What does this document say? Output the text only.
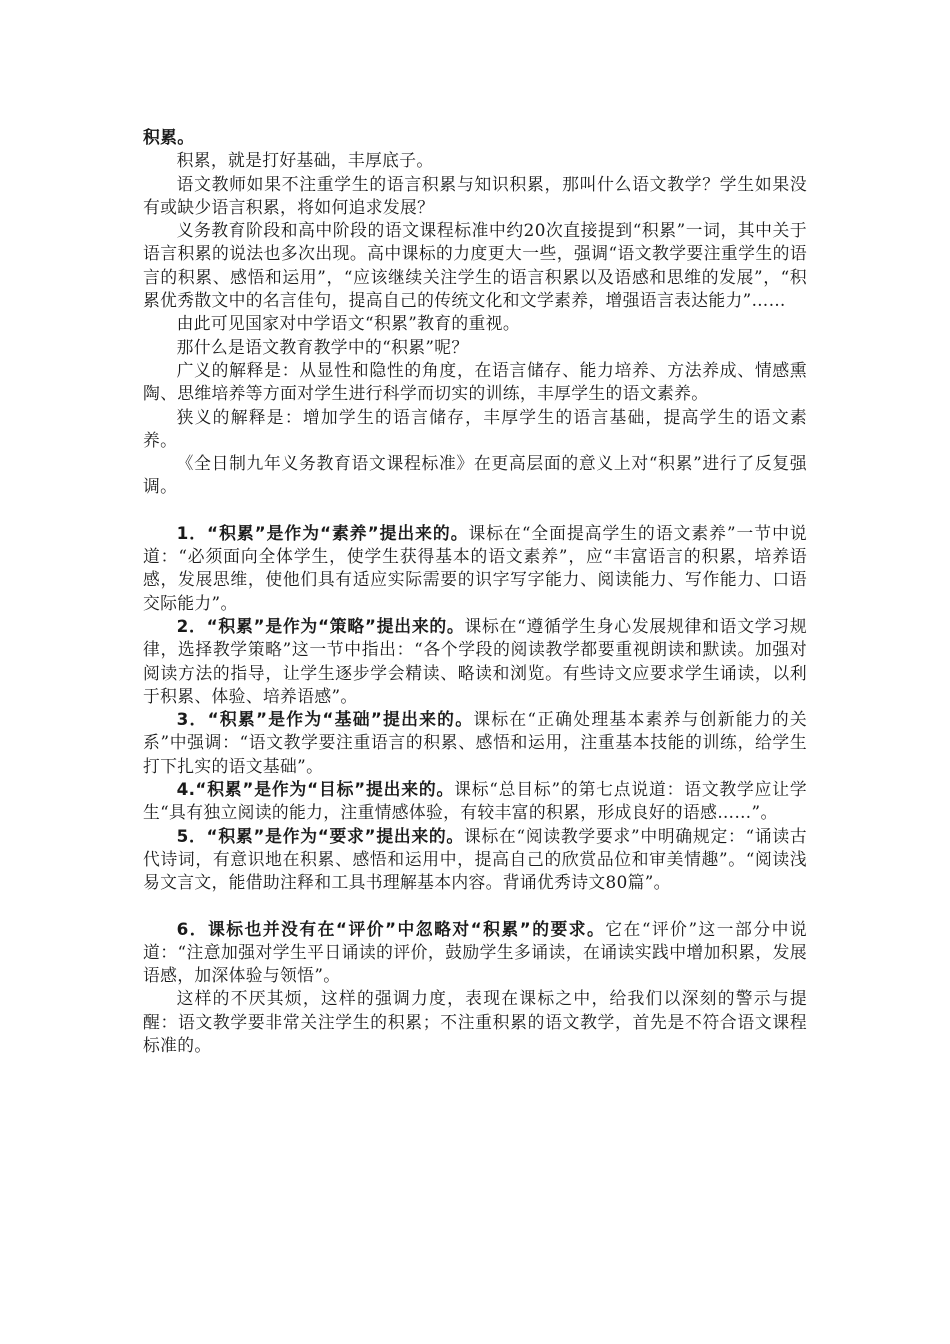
积累。

积累，就是打好基础，丰厚底子。

语文教师如果不注重学生的语言积累与知识积累，那叫什么语文教学？学生如果没有或缺少语言积累，将如何追求发展？

义务教育阶段和高中阶段的语文课程标准中约20次直接提到“积累”一词，其中关于语言积累的说法也多次出现。高中课标的力度更大一些，强调“语文教学要注重学生的语言的积累、感悟和运用”，“应该继续关注学生的语言积累以及语感和思维的发展”，“积累优秀散文中的名言佳句，提高自己的传统文化和文学素养，增强语言表达能力”……

由此可见国家对中学语文“积累”教育的重视。

那什么是语文教育教学中的“积累”呢？

广义的解释是：从显性和隐性的角度，在语言储存、能力培养、方法养成、情感熏陶、思维培养等方面对学生进行科学而切实的训练，丰厚学生的语文素养。

狭义的解释是：增加学生的语言储存，丰厚学生的语言基础，提高学生的语文素养。

《全日制九年义务教育语文课程标准》在更高层面的意义上对“积累”进行了反复强调。

1．“积累”是作为“素养”提出来的。课标在“全面提高学生的语文素养”一节中说道：“必须面向全体学生，使学生获得基本的语文素养”，应“丰富语言的积累，培养语感，发展思维，使他们具有适应实际需要的识字写字能力、阅读能力、写作能力、口语交际能力”。

2．“积累”是作为“策略”提出来的。课标在“遵循学生身心发展规律和语文学习规律，选择教学策略”这一节中指出：“各个学段的阅读教学都要重视朗读和默读。加强对阅读方法的指导，让学生逐步学会精读、略读和浏览。有些诗文应要求学生诵读，以利于积累、体验、培养语感”。

3．“积累”是作为“基础”提出来的。课标在“正确处理基本素养与创新能力的关系”中强调：“语文教学要注重语言的积累、感悟和运用，注重基本技能的训练，给学生打下扎实的语文基础”。

4.“积累”是作为“目标”提出来的。课标“总目标”的第七点说道：语文教学应让学生“具有独立阅读的能力，注重情感体验，有较丰富的积累，形成良好的语感……”。

5．“积累”是作为“要求”提出来的。课标在“阅读教学要求”中明确规定：“诵读古代诗词，有意识地在积累、感悟和运用中，提高自己的欣赏品位和审美情趣”。“阅读浅易文言文，能借助注释和工具书理解基本内容。背诵优秀诗文80篇”。

6．课标也并没有在“评价”中忽略对“积累”的要求。它在“评价”这一部分中说道：“注意加强对学生平日诵读的评价，鼓励学生多诵读，在诵读实践中增加积累，发展语感，加深体验与领悟”。

这样的不厌其烦，这样的强调力度，表现在课标之中，给我们以深刻的警示与提醒：语文教学要非常关注学生的积累；不注重积累的语文教学，首先是不符合语文课程标准的。
